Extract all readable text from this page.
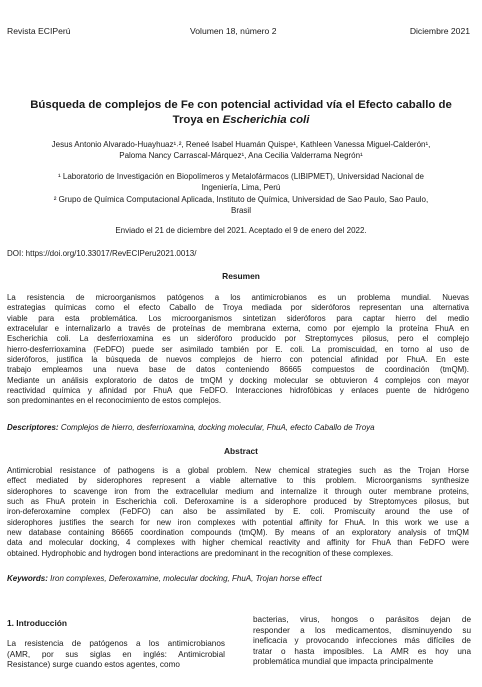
Revista ECIPerú	Volumen 18, número 2	Diciembre 2021
Búsqueda de complejos de Fe con potencial actividad vía el Efecto caballo de
Troya en Escherichia coli
Jesus Antonio Alvarado-Huayhuaz¹˒², Reneé Isabel Huamán Quispe¹, Kathleen Vanessa Miguel-Calderón¹,
Paloma Nancy Carrascal-Márquez¹, Ana Cecilia Valderrama Negrón¹
¹ Laboratorio de Investigación en Biopolímeros y Metalofármacos (LIBIPMET), Universidad Nacional de
Ingeniería, Lima, Perú
² Grupo de Química Computacional Aplicada, Instituto de Química, Universidad de Sao Paulo, Sao Paulo,
Brasil
Enviado el 21 de diciembre del 2021. Aceptado el 9 de enero del 2022.
DOI: https://doi.org/10.33017/RevECIPeru2021.0013/
Resumen
La resistencia de microorganismos patógenos a los antimicrobianos es un problema mundial. Nuevas
estrategias químicas como el efecto Caballo de Troya mediada por sideróforos representan una alternativa
viable para esta problemática. Los microorganismos sintetizan sideróforos para captar hierro del medio
extracelular e internalizarlo a través de proteínas de membrana externa, como por ejemplo la proteína FhuA en
Escherichia coli. La desferrioxamina es un sideróforo producido por Streptomyces pilosus, pero el complejo
hierro-desferrioxamina (FeDFO) puede ser asimilado también por E. coli. La promiscuidad, en torno al uso de
sideróforos, justifica la búsqueda de nuevos complejos de hierro con potencial afinidad por FhuA. En este
trabajo empleamos una nueva base de datos conteniendo 86665 compuestos de coordinación (tmQM).
Mediante un análisis exploratorio de datos de tmQM y docking molecular se obtuvieron 4 complejos con mayor
reactividad química y afinidad por FhuA que FeDFO. Interacciones hidrofóbicas y enlaces puente de hidrógeno
son predominantes en el reconocimiento de estos complejos.
Descriptores: Complejos de hierro, desferrioxamina, docking molecular, FhuA, efecto Caballo de Troya
Abstract
Antimicrobial resistance of pathogens is a global problem. New chemical strategies such as the Trojan Horse
effect mediated by siderophores represent a viable alternative to this problem. Microorganisms synthesize
siderophores to scavenge iron from the extracellular medium and internalize it through outer membrane proteins,
such as FhuA protein in Escherichia coli. Deferoxamine is a siderophore produced by Streptomyces pilosus, but
iron-deferoxamine complex (FeDFO) can also be assimilated by E. coli. Promiscuity around the use of
siderophores justifies the search for new iron complexes with potential affinity for FhuA. In this work we use a
new database containing 86665 coordination compounds (tmQM). By means of an exploratory analysis of tmQM
data and molecular docking, 4 complexes with higher chemical reactivity and affinity for FhuA than FeDFO were
obtained. Hydrophobic and hydrogen bond interactions are predominant in the recognition of these complexes.
Keywords: Iron complexes, Deferoxamine, molecular docking, FhuA, Trojan horse effect
1. Introducción
La resistencia de patógenos a los antimicrobianos
(AMR, por sus siglas en inglés: Antimicrobial
Resistance) surge cuando estos agentes, como
bacterias, virus, hongos o parásitos dejan de
responder a los medicamentos, disminuyendo su
ineficacia y provocando infecciones más difíciles de
tratar o hasta imposibles. La AMR es hoy una
problemática mundial que impacta principalmente
